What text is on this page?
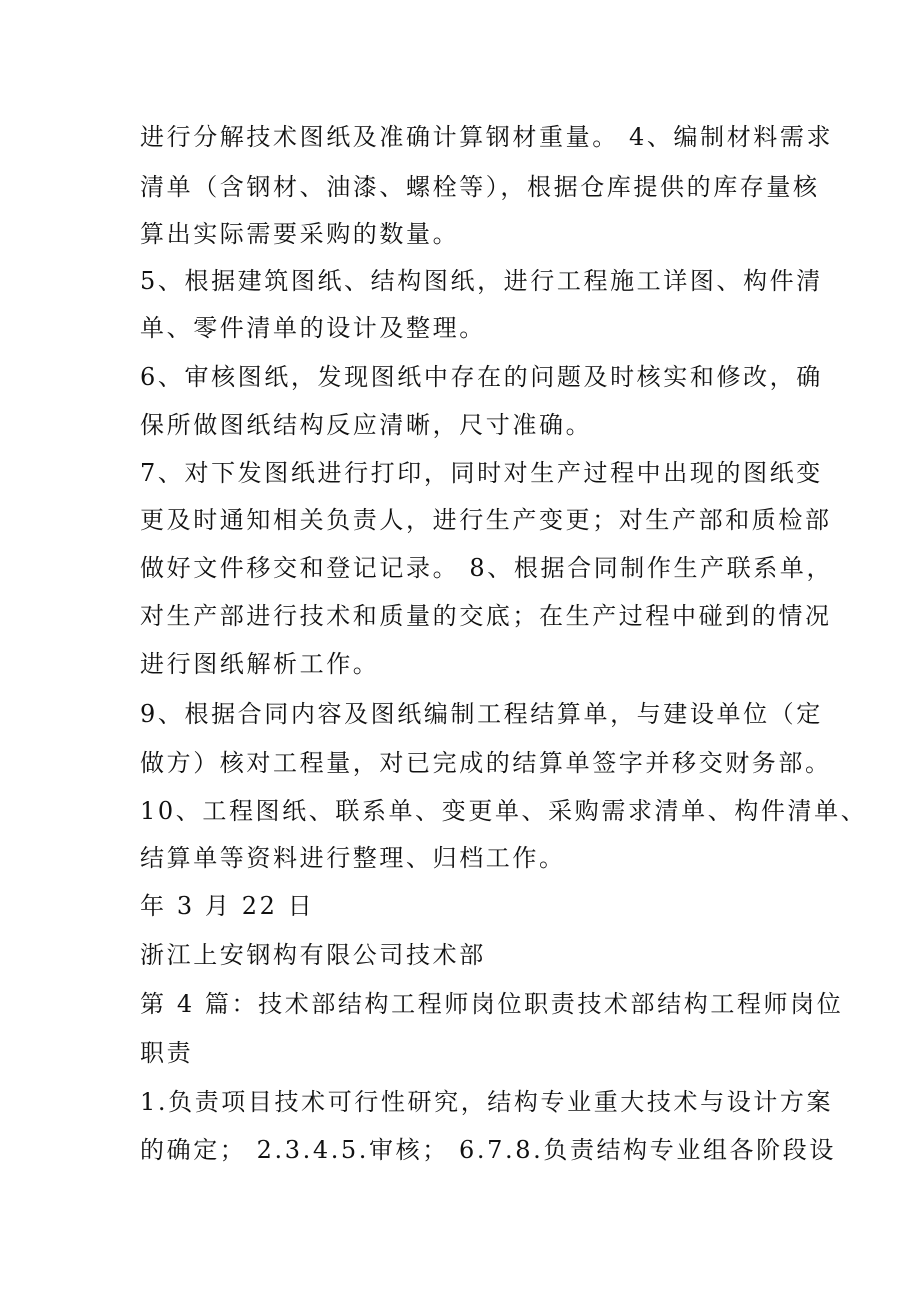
进行分解技术图纸及准确计算钢材重量。 4、编制材料需求
清单（含钢材、油漆、螺栓等），根据仓库提供的库存量核
算出实际需要采购的数量。
5、根据建筑图纸、结构图纸，进行工程施工详图、构件清
单、零件清单的设计及整理。
6、审核图纸，发现图纸中存在的问题及时核实和修改，确
保所做图纸结构反应清晰，尺寸准确。
7、对下发图纸进行打印，同时对生产过程中出现的图纸变
更及时通知相关负责人，进行生产变更；对生产部和质检部
做好文件移交和登记记录。 8、根据合同制作生产联系单，
对生产部进行技术和质量的交底；在生产过程中碰到的情况
进行图纸解析工作。
9、根据合同内容及图纸编制工程结算单，与建设单位（定
做方）核对工程量，对已完成的结算单签字并移交财务部。
10、工程图纸、联系单、变更单、采购需求清单、构件清单、
结算单等资料进行整理、归档工作。
年 3 月 22 日
浙江上安钢构有限公司技术部
第 4 篇：技术部结构工程师岗位职责技术部结构工程师岗位
职责
1.负责项目技术可行性研究，结构专业重大技术与设计方案
的确定； 2.3.4.5.审核； 6.7.8.负责结构专业组各阶段设
